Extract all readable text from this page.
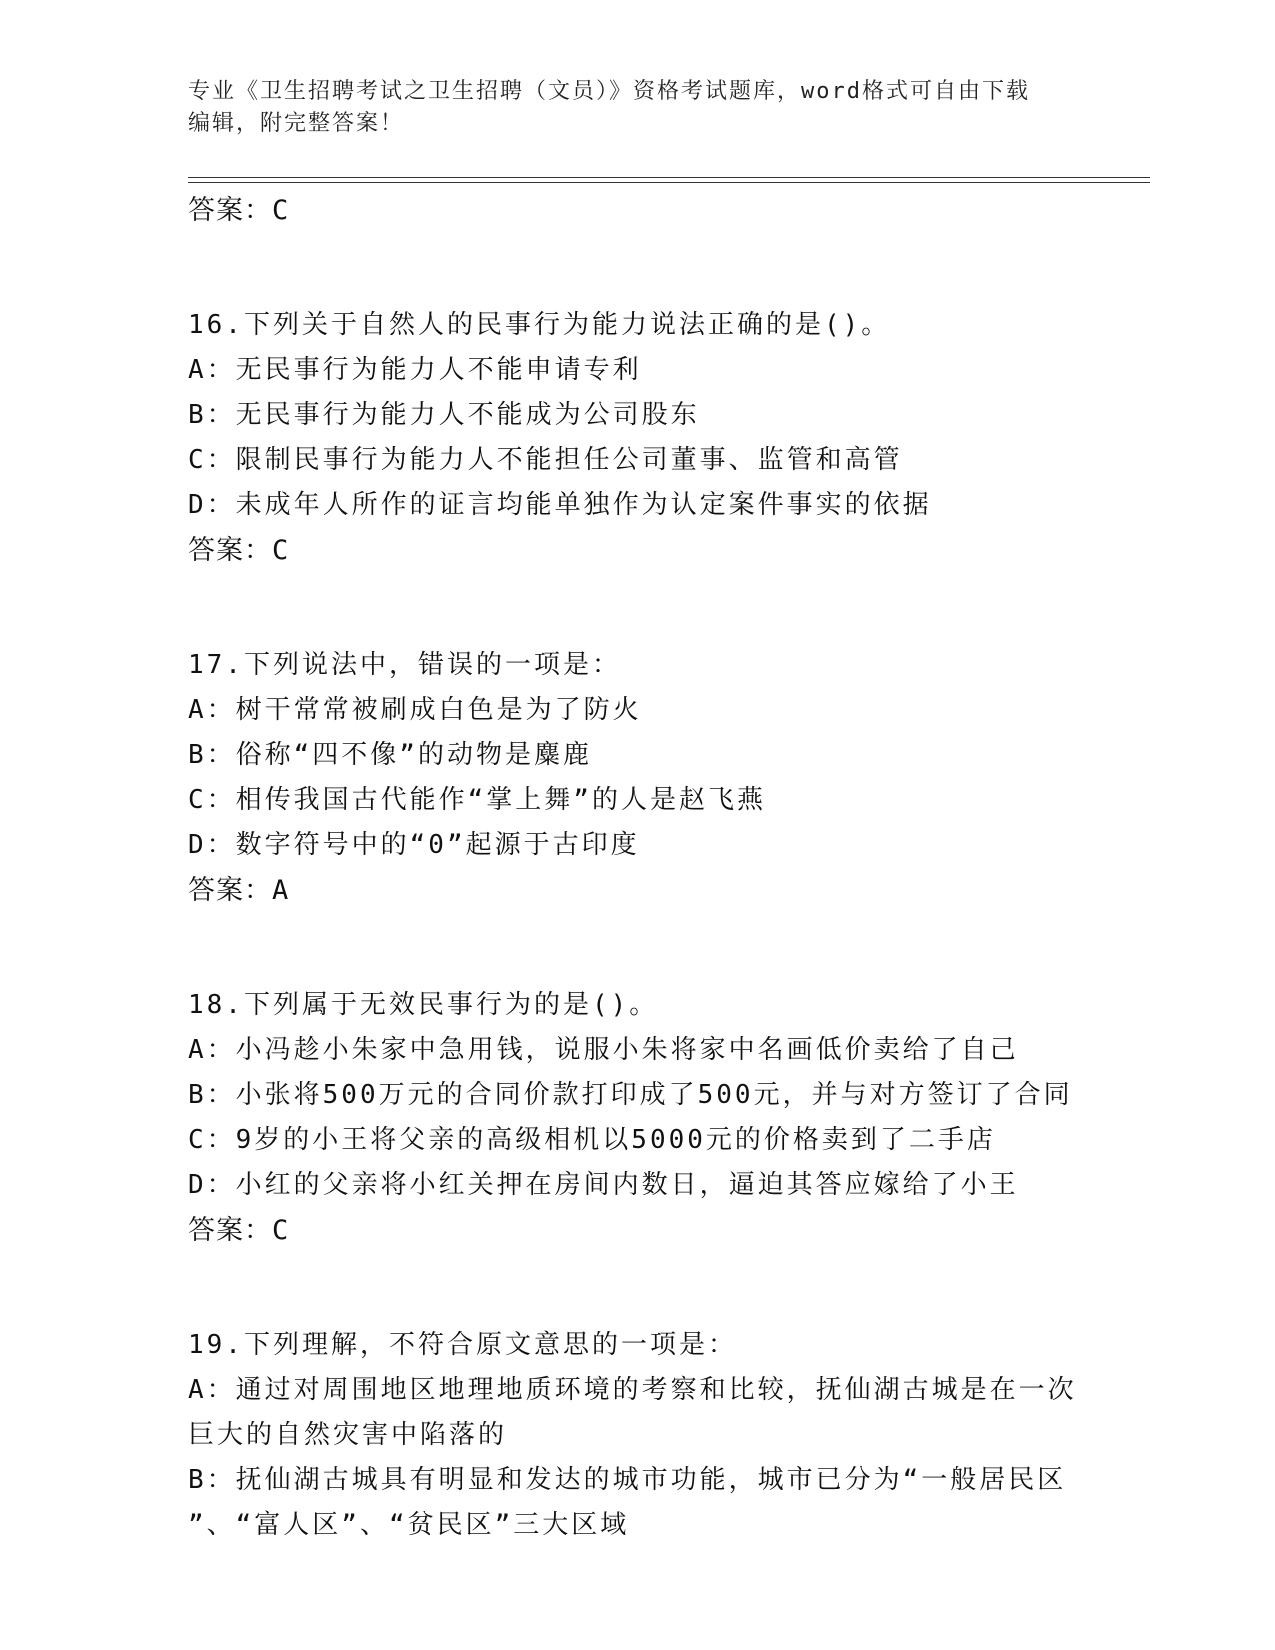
专业《卫生招聘考试之卫生招聘（文员）》资格考试题库，word格式可自由下载
编辑，附完整答案！
答案：C
16.下列关于自然人的民事行为能力说法正确的是()。
A：无民事行为能力人不能申请专利
B：无民事行为能力人不能成为公司股东
C：限制民事行为能力人不能担任公司董事、监管和高管
D：未成年人所作的证言均能单独作为认定案件事实的依据
答案：C
17.下列说法中，错误的一项是：
A：树干常常被刷成白色是为了防火
B：俗称“四不像”的动物是麋鹿
C：相传我国古代能作“掌上舞”的人是赵飞燕
D：数字符号中的“0”起源于古印度
答案：A
18.下列属于无效民事行为的是()。
A：小冯趁小朱家中急用钱，说服小朱将家中名画低价卖给了自己
B：小张将500万元的合同价款打印成了500元，并与对方签订了合同
C：9岁的小王将父亲的高级相机以5000元的价格卖到了二手店
D：小红的父亲将小红关押在房间内数日，逼迫其答应嫁给了小王
答案：C
19.下列理解，不符合原文意思的一项是：
A：通过对周围地区地理地质环境的考察和比较，抚仙湖古城是在一次
巨大的自然灾害中陷落的
B：抚仙湖古城具有明显和发达的城市功能，城市已分为“一般居民区
”、“富人区”、“贫民区”三大区域
